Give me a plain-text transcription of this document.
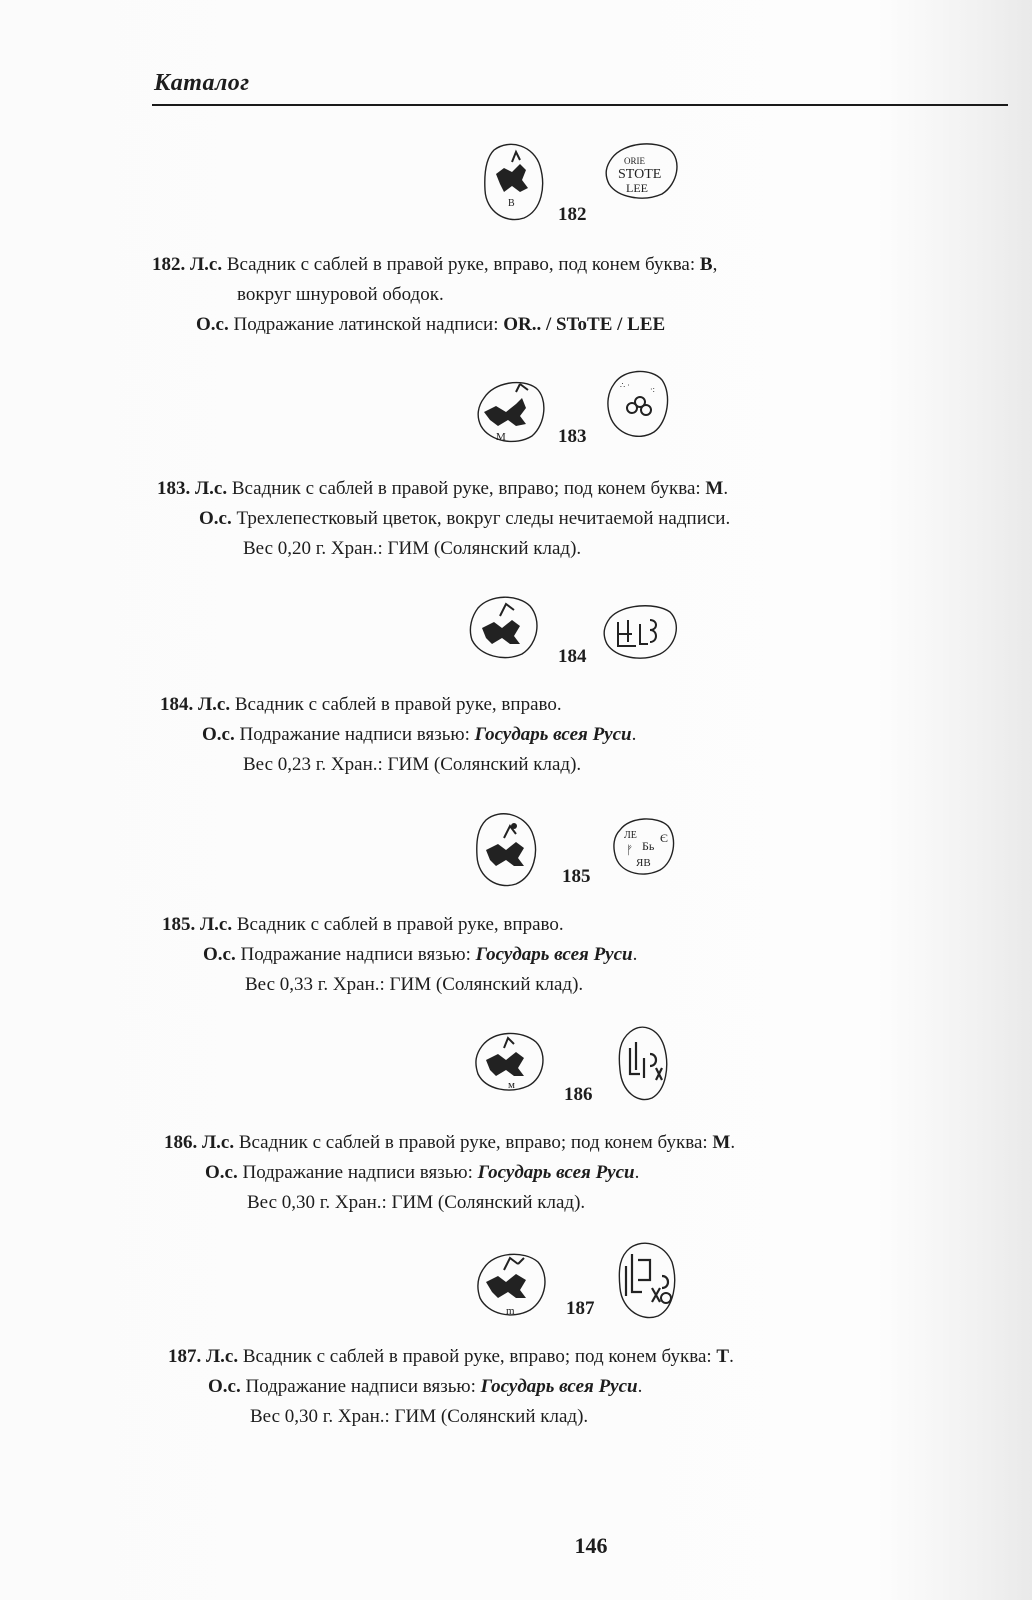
Каталог
В
ORIE
STOTE
LEE
182
182. Л.с. Всадник с саблей в правой руке, вправо, под конем буква: В,
вокруг шнуровой ободок.
О.с. Подражание латинской надписи: OR.. / SToTE / LEE
М
∴ ·	·:
183
183. Л.с. Всадник с саблей в правой руке, вправо; под конем буква: М.
О.с. Трехлепестковый цветок, вокруг следы нечитаемой надписи.
Вес 0,20 г. Хран.: ГИМ (Солянский клад).
184
184. Л.с. Всадник с саблей в правой руке, вправо.
О.с. Подражание надписи вязью: Государь всея Руси.
Вес 0,23 г. Хран.: ГИМ (Солянский клад).
ЛЕ
Бь
ᚠ
ЯВ
Є
185
185. Л.с. Всадник с саблей в правой руке, вправо.
О.с. Подражание надписи вязью: Государь всея Руси.
Вес 0,33 г. Хран.: ГИМ (Солянский клад).
м	186
186. Л.с. Всадник с саблей в правой руке, вправо; под конем буква: М.
О.с. Подражание надписи вязью: Государь всея Руси.
Вес 0,30 г. Хран.: ГИМ (Солянский клад).
m	187
187. Л.с. Всадник с саблей в правой руке, вправо; под конем буква: Т.
О.с. Подражание надписи вязью: Государь всея Руси.
Вес 0,30 г. Хран.: ГИМ (Солянский клад).
146
